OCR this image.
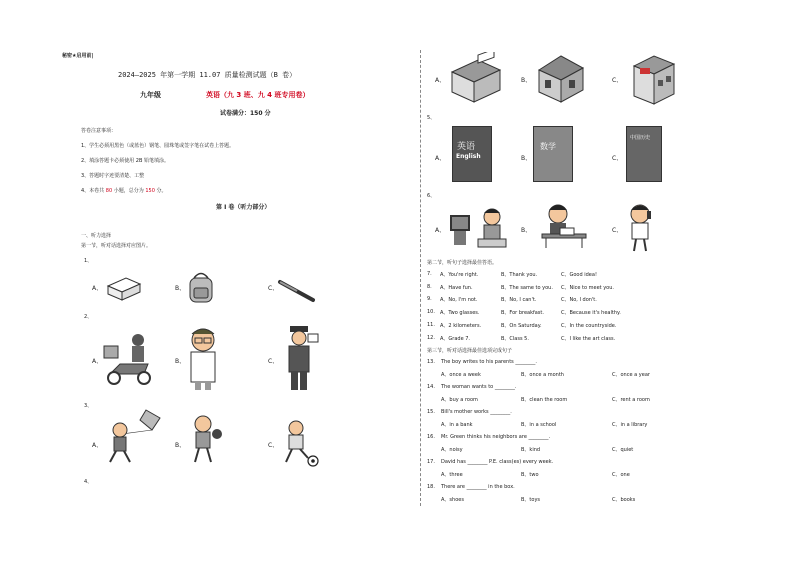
秘密★启用前|
2024—2025 年第一学期 11.07 质量检测试题（B 卷）
九年级	英语（九 3 班、九 4 班专用卷）
试卷满分：150 分
答卷注意事项：
1、学生必须用黑色（或蓝色）钢笔、圆珠笔或签字笔在试卷上答题。
2、填涂答题卡必须使用 2B 铅笔填涂。
3、答题时字迹要清楚、工整
4、本卷共 80 小题，总分为 150 分。
第 I 卷（听力部分）
一、听力选择
第一节，听对话选择对应图片。
1、
A、	B、	C、
2、
A、	B、	C、
3、
A、	B、	C、
4、
A、	B、	C、
5、
A、	B、	C、
英语
English
数学
中国历史
6、
A、	B、	C、
第二节，听句子选择最佳答语。
7. A、You're right.	B、Thank you.	C、Good idea!
8. A、Have fun.	B、The same to you. C、Nice to meet you.
9. A、No, I'm not.	B、No, I can't.	C、No, I don't.
10. A、Two glasses.	B、For breakfast.	C、Because it's healthy.
11. A、2 kilometers.	B、On Saturday.	C、In the countryside.
12. A、Grade 7.	B、Class 5.	C、I like the art class.
第三节，听对话选择最佳选项完成句子
13. The boy writes to his parents ________.
A、once a week	B、once a month	C、once a year
14. The woman wants to ________.
A、buy a room	B、clean the room	C、rent a room
15. Bill's mother works ________.
A、in a bank	B、in a school	C、in a library
16. Mr. Green thinks his neighbors are ________.
A、noisy	B、kind	C、quiet
17. David has ________ P.E. class(es) every week.
A、three	B、two	C、one
18. There are ________ in the box.
A、shoes	B、toys	C、books
